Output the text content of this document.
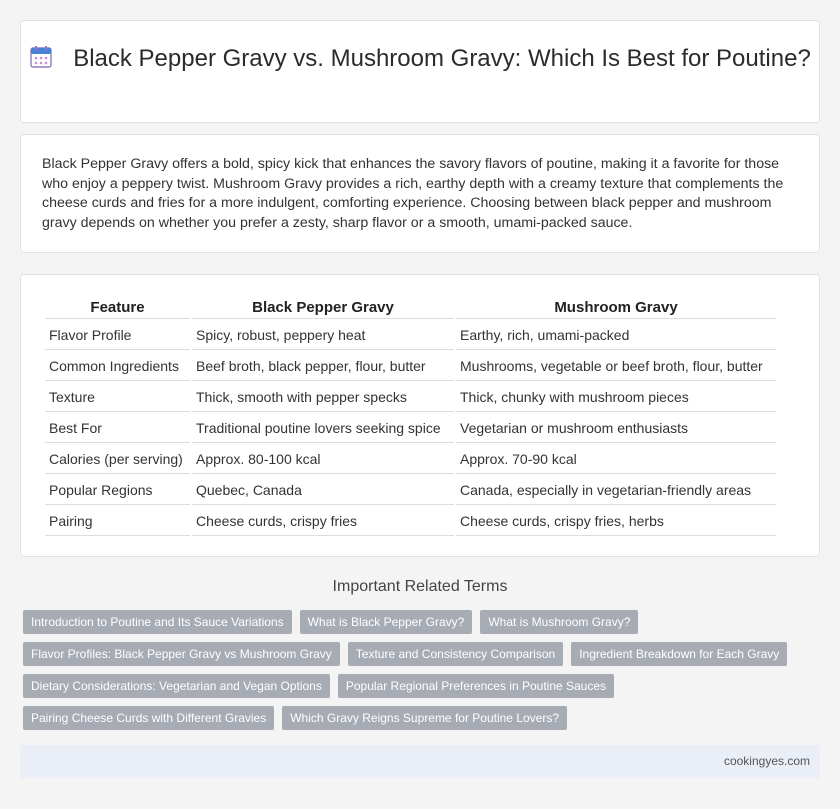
Black Pepper Gravy vs. Mushroom Gravy: Which Is Best for Poutine?

Black Pepper Gravy offers a bold, spicy kick that enhances the savory flavors of poutine, making it a favorite for those who enjoy a peppery twist. Mushroom Gravy provides a rich, earthy depth with a creamy texture that complements the cheese curds and fries for a more indulgent, comforting experience. Choosing between black pepper and mushroom gravy depends on whether you prefer a zesty, sharp flavor or a smooth, umami-packed sauce.

Feature	Black Pepper Gravy	Mushroom Gravy
Flavor Profile	Spicy, robust, peppery heat	Earthy, rich, umami-packed
Common Ingredients	Beef broth, black pepper, flour, butter	Mushrooms, vegetable or beef broth, flour, butter
Texture	Thick, smooth with pepper specks	Thick, chunky with mushroom pieces
Best For	Traditional poutine lovers seeking spice	Vegetarian or mushroom enthusiasts
Calories (per serving)	Approx. 80-100 kcal	Approx. 70-90 kcal
Popular Regions	Quebec, Canada	Canada, especially in vegetarian-friendly areas
Pairing	Cheese curds, crispy fries	Cheese curds, crispy fries, herbs
Important Related Terms
Introduction to Poutine and Its Sauce Variations	What is Black Pepper Gravy?	What is Mushroom Gravy?
Flavor Profiles: Black Pepper Gravy vs Mushroom Gravy	Texture and Consistency Comparison	Ingredient Breakdown for Each Gravy
Dietary Considerations: Vegetarian and Vegan Options	Popular Regional Preferences in Poutine Sauces
Pairing Cheese Curds with Different Gravies	Which Gravy Reigns Supreme for Poutine Lovers?
cookingyes.com
